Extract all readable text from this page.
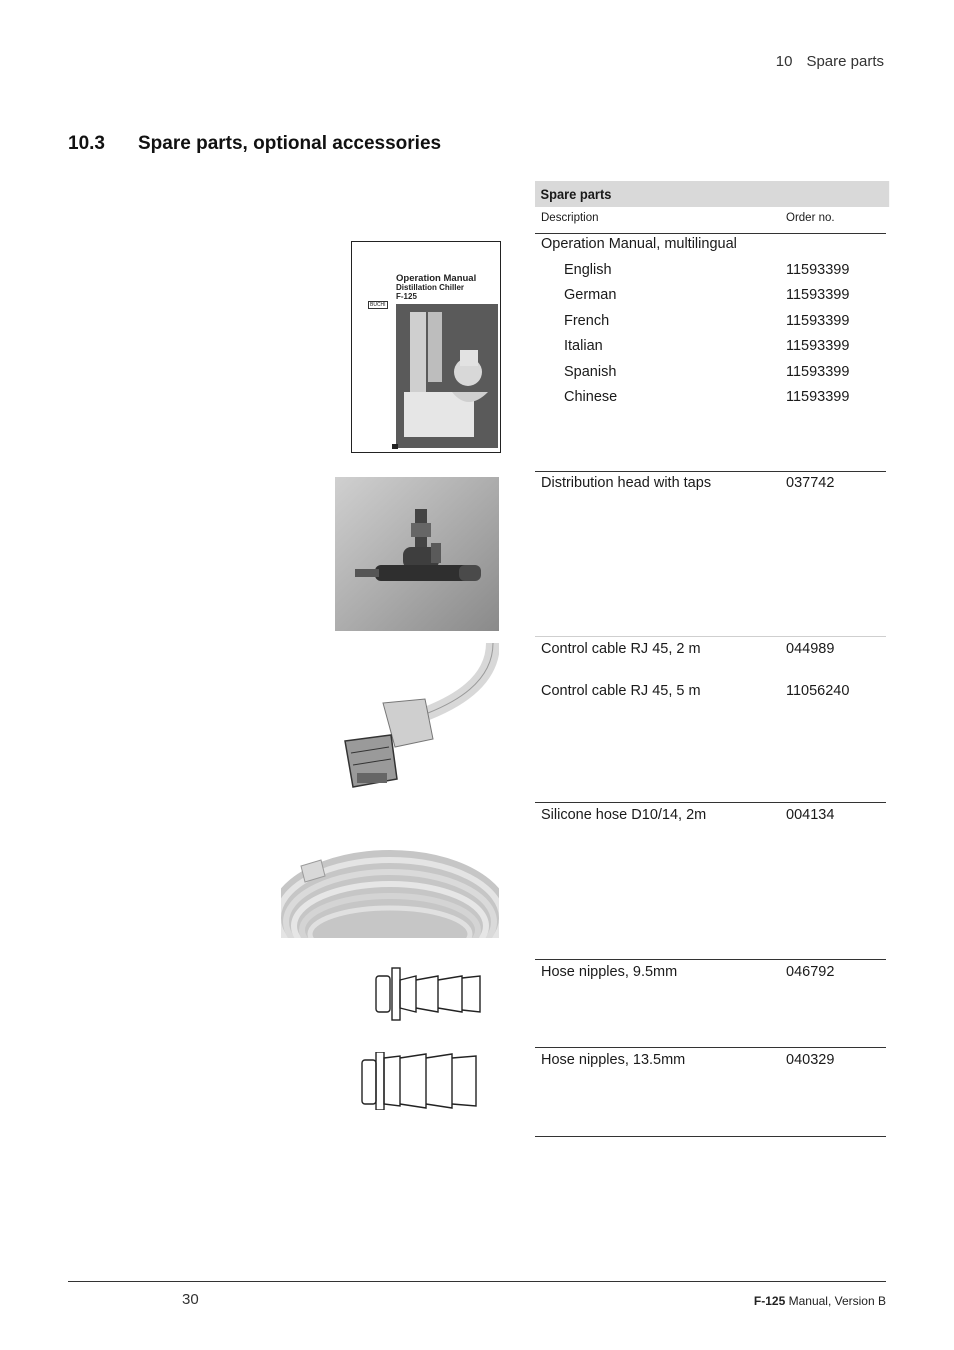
10 Spare parts
10.3 Spare parts, optional accessories
Spare parts
Description	Order no.
Operation Manual, multilingual
English	11593399
German	11593399
French	11593399
Italian	11593399
Spanish	11593399
Chinese	11593399
Distribution head with taps	037742
Control cable RJ 45, 2 m	044989
Control cable RJ 45, 5 m	11056240
Silicone hose D10/14, 2m	004134
Hose nipples, 9.5mm	046792
Hose nipples, 13.5mm	040329
Operation Manual
Distillation Chiller
F-125
BÜCHI
30	F-125 Manual, Version B
